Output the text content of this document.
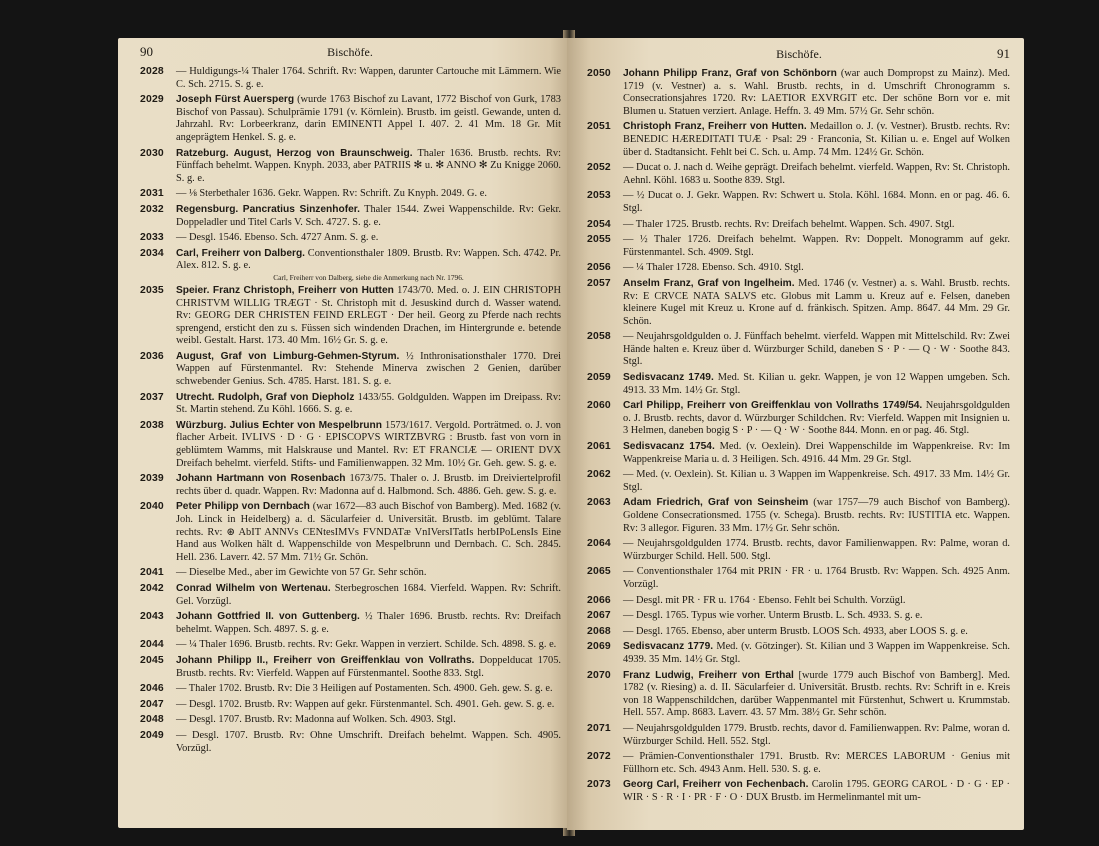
90	Bischöfe.
2028 — Huldigungs-¼ Thaler 1764. Schrift. Rv: Wappen, darunter Cartouche mit Lämmern. Wie C. Sch. 2715. S. g. e.
2029 Joseph Fürst Auersperg (wurde 1763 Bischof zu Lavant, 1772 Bischof von Gurk, 1783 Bischof von Passau). Schulprämie 1791 (v. Körnlein). Brustb. im geistl. Gewande, unten d. Jahrzahl. Rv: Lorbeerkranz, darin EMINENTI Appel I. 407. 2. 41 Mm. 18 Gr. Mit angeprägtem Henkel. S. g. e.
2030 Ratzeburg. August, Herzog von Braunschweig. Thaler 1636. Brustb. rechts. Rv: Fünffach behelmt. Wappen. Knyph. 2033, aber PATRIIS ✻ u. ✻ ANNO ✻ Zu Knigge 2060. S. g. e.
2031 — ⅛ Sterbethaler 1636. Gekr. Wappen. Rv: Schrift. Zu Knyph. 2049. G. e.
2032 Regensburg. Pancratius Sinzenhofer. Thaler 1544. Zwei Wappenschilde. Rv: Gekr. Doppeladler und Titel Carls V. Sch. 4727. S. g. e.
2033 — Desgl. 1546. Ebenso. Sch. 4727 Anm. S. g. e.
2034 Carl, Freiherr von Dalberg. Conventionsthaler 1809. Brustb. Rv: Wappen. Sch. 4742. Pr. Alex. 812. S. g. e.
Carl, Freiherr von Dalberg, siehe die Anmerkung nach Nr. 1796.
2035 Speier. Franz Christoph, Freiherr von Hutten 1743/70. Med. o. J. EIN CHRISTOPH CHRISTVM WILLIG TRÆGT · St. Christoph mit d. Jesuskind durch d. Wasser watend. Rv: GEORG DER CHRISTEN FEIND ERLEGT · Der heil. Georg zu Pferde nach rechts sprengend, ersticht den zu s. Füssen sich windenden Drachen, im Hintergrunde e. betende weibl. Gestalt. Harst. 173. 40 Mm. 16½ Gr. S. g. e.
2036 August, Graf von Limburg-Gehmen-Styrum. ½ Inthronisationsthaler 1770. Drei Wappen auf Fürstenmantel. Rv: Stehende Minerva zwischen 2 Genien, darüber schwebender Genius. Sch. 4785. Harst. 181. S. g. e.
2037 Utrecht. Rudolph, Graf von Diepholz 1433/55. Goldgulden. Wappen im Dreipass. Rv: St. Martin stehend. Zu Köhl. 1666. S. g. e.
2038 Würzburg. Julius Echter von Mespelbrunn 1573/1617. Vergold. Porträtmed. o. J. von flacher Arbeit. IVLIVS · D · G · EPISCOPVS WIRTZBVRG : Brustb. fast von vorn in geblümtem Wamms, mit Halskrause und Mantel. Rv: ET FRANCIÆ — ORIENT DVX Dreifach behelmt. vierfeld. Stifts- und Familienwappen. 32 Mm. 10½ Gr. Geh. gew. S. g. e.
2039 Johann Hartmann von Rosenbach 1673/75. Thaler o. J. Brustb. im Dreiviertelprofil rechts über d. quadr. Wappen. Rv: Madonna auf d. Halbmond. Sch. 4886. Geh. gew. S. g. e.
2040 Peter Philipp von Dernbach (war 1672—83 auch Bischof von Bamberg). Med. 1682 (v. Joh. Linck in Heidelberg) a. d. Säcularfeier d. Universität. Brustb. im geblümt. Talare rechts. Rv: ⊛ AbIT ANNVs CENtesIMVs FVNDATæ VnIVersITatIs herbIPoLensIs Eine Hand aus Wolken hält d. Wappenschilde von Mespelbrunn und Dernbach. C. Sch. 2845. Hell. 236. Laverr. 42. 57 Mm. 71½ Gr. Schön.
2041 — Dieselbe Med., aber im Gewichte von 57 Gr. Sehr schön.
2042 Conrad Wilhelm von Wertenau. Sterbegroschen 1684. Vierfeld. Wappen. Rv: Schrift. Gel. Vorzügl.
2043 Johann Gottfried II. von Guttenberg. ½ Thaler 1696. Brustb. rechts. Rv: Dreifach behelmt. Wappen. Sch. 4897. S. g. e.
2044 — ¼ Thaler 1696. Brustb. rechts. Rv: Gekr. Wappen in verziert. Schilde. Sch. 4898. S. g. e.
2045 Johann Philipp II., Freiherr von Greiffenklau von Vollraths. Doppelducat 1705. Brustb. rechts. Rv: Vierfeld. Wappen auf Fürstenmantel. Soothe 833. Stgl.
2046 — Thaler 1702. Brustb. Rv: Die 3 Heiligen auf Postamenten. Sch. 4900. Geh. gew. S. g. e.
2047 — Desgl. 1702. Brustb. Rv: Wappen auf gekr. Fürstenmantel. Sch. 4901. Geh. gew. S. g. e.
2048 — Desgl. 1707. Brustb. Rv: Madonna auf Wolken. Sch. 4903. Stgl.
2049 — Desgl. 1707. Brustb. Rv: Ohne Umschrift. Dreifach behelmt. Wappen. Sch. 4905. Vorzügl.
Bischöfe.	91
2050 Johann Philipp Franz, Graf von Schönborn (war auch Dompropst zu Mainz). Med. 1719 (v. Vestner) a. s. Wahl. Brustb. rechts, in d. Umschrift Chronogramm s. Consecrationsjahres 1720. Rv: LAETIOR EXVRGIT etc. Der schöne Born vor e. mit Blumen u. Statuen verziert. Anlage. Heffn. 3. 49 Mm. 57½ Gr. Sehr schön.
2051 Christoph Franz, Freiherr von Hutten. Medaillon o. J. (v. Vestner). Brustb. rechts. Rv: BENEDIC HÆREDITATI TUÆ · Psal: 29 · Franconia, St. Kilian u. e. Engel auf Wolken über d. Stadtansicht. Fehlt bei C. Sch. u. Amp. 74 Mm. 124½ Gr. Schön.
2052 — Ducat o. J. nach d. Weihe geprägt. Dreifach behelmt. vierfeld. Wappen, Rv: St. Christoph. Aehnl. Köhl. 1683 u. Soothe 839. Stgl.
2053 — ½ Ducat o. J. Gekr. Wappen. Rv: Schwert u. Stola. Köhl. 1684. Monn. en or pag. 46. 6. Stgl.
2054 — Thaler 1725. Brustb. rechts. Rv: Dreifach behelmt. Wappen. Sch. 4907. Stgl.
2055 — ½ Thaler 1726. Dreifach behelmt. Wappen. Rv: Doppelt. Monogramm auf gekr. Fürstenmantel. Sch. 4909. Stgl.
2056 — ¼ Thaler 1728. Ebenso. Sch. 4910. Stgl.
2057 Anselm Franz, Graf von Ingelheim. Med. 1746 (v. Vestner) a. s. Wahl. Brustb. rechts. Rv: E CRVCE NATA SALVS etc. Globus mit Lamm u. Kreuz auf e. Felsen, daneben kleinere Kugel mit Kreuz u. Krone auf d. fränkisch. Spitzen. Amp. 8647. 44 Mm. 29 Gr. Schön.
2058 — Neujahrsgoldgulden o. J. Fünffach behelmt. vierfeld. Wappen mit Mittelschild. Rv: Zwei Hände halten e. Kreuz über d. Würzburger Schild, daneben S · P · — Q · W · Soothe 843. Stgl.
2059 Sedisvacanz 1749. Med. St. Kilian u. gekr. Wappen, je von 12 Wappen umgeben. Sch. 4913. 33 Mm. 14½ Gr. Stgl.
2060 Carl Philipp, Freiherr von Greiffenklau von Vollraths 1749/54. Neujahrsgoldgulden o. J. Brustb. rechts, davor d. Würzburger Schildchen. Rv: Vierfeld. Wappen mit Insignien u. 3 Helmen, daneben bogig S · P · — Q · W · Soothe 844. Monn. en or pag. 46. Stgl.
2061 Sedisvacanz 1754. Med. (v. Oexlein). Drei Wappenschilde im Wappenkreise. Rv: Im Wappenkreise Maria u. d. 3 Heiligen. Sch. 4916. 44 Mm. 29 Gr. Stgl.
2062 — Med. (v. Oexlein). St. Kilian u. 3 Wappen im Wappenkreise. Sch. 4917. 33 Mm. 14½ Gr. Stgl.
2063 Adam Friedrich, Graf von Seinsheim (war 1757—79 auch Bischof von Bamberg). Goldene Consecrationsmed. 1755 (v. Schega). Brustb. rechts. Rv: IUSTITIA etc. Wappen. Rv: 3 allegor. Figuren. 33 Mm. 17½ Gr. Sehr schön.
2064 — Neujahrsgoldgulden 1774. Brustb. rechts, davor Familienwappen. Rv: Palme, woran d. Würzburger Schild. Hell. 500. Stgl.
2065 — Conventionsthaler 1764 mit PRIN · FR · u. 1764 Brustb. Rv: Wappen. Sch. 4925 Anm. Vorzügl.
2066 — Desgl. mit PR · FR u. 1764 · Ebenso. Fehlt bei Schulth. Vorzügl.
2067 — Desgl. 1765. Typus wie vorher. Unterm Brustb. L. Sch. 4933. S. g. e.
2068 — Desgl. 1765. Ebenso, aber unterm Brustb. LOOS Sch. 4933, aber LOOS S. g. e.
2069 Sedisvacanz 1779. Med. (v. Götzinger). St. Kilian und 3 Wappen im Wappenkreise. Sch. 4939. 35 Mm. 14½ Gr. Stgl.
2070 Franz Ludwig, Freiherr von Erthal [wurde 1779 auch Bischof von Bamberg]. Med. 1782 (v. Riesing) a. d. II. Säcularfeier d. Universität. Brustb. rechts. Rv: Schrift in e. Kreis von 18 Wappenschildchen, darüber Wappenmantel mit Fürstenhut, Schwert u. Krummstab. Hell. 557. Amp. 8683. Laverr. 43. 57 Mm. 38½ Gr. Sehr schön.
2071 — Neujahrsgoldgulden 1779. Brustb. rechts, davor d. Familienwappen. Rv: Palme, woran d. Würzburger Schild. Hell. 552. Stgl.
2072 — Prämien-Conventionsthaler 1791. Brustb. Rv: MERCES LABORUM · Genius mit Füllhorn etc. Sch. 4943 Anm. Hell. 530. S. g. e.
2073 Georg Carl, Freiherr von Fechenbach. Carolin 1795. GEORG CAROL · D · G · EP · WIR · S · R · I · PR · F · O · DUX Brustb. im Hermelinmantel mit um-
